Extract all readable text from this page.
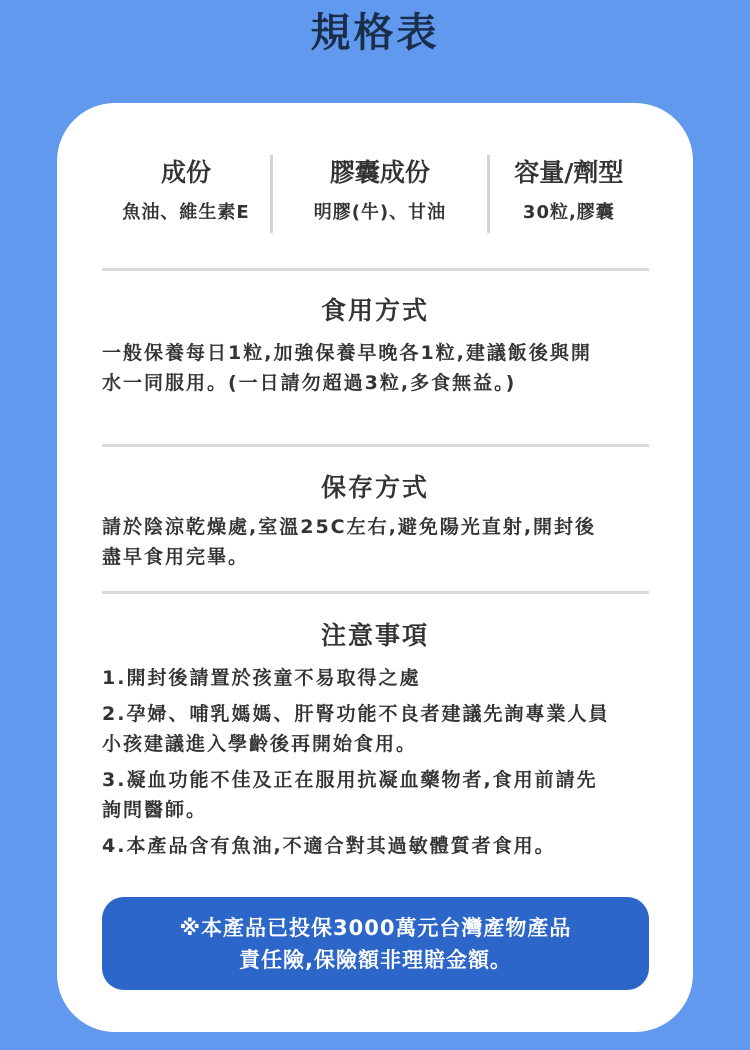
規格表
成份
魚油、維生素E
膠囊成份
明膠(牛)、甘油
容量/劑型
30粒,膠囊
食用方式
一般保養每日1粒,加強保養早晚各1粒,建議飯後與開
水一同服用。(一日請勿超過3粒,多食無益。)
保存方式
請於陰涼乾燥處,室溫25C左右,避免陽光直射,開封後
盡早食用完畢。
注意事項
1.開封後請置於孩童不易取得之處
2.孕婦、哺乳媽媽、肝腎功能不良者建議先詢專業人員
小孩建議進入學齡後再開始食用。
3.凝血功能不佳及正在服用抗凝血藥物者,食用前請先
詢問醫師。
4.本產品含有魚油,不適合對其過敏體質者食用。
※本產品已投保3000萬元台灣產物產品
責任險,保險額非理賠金額。
